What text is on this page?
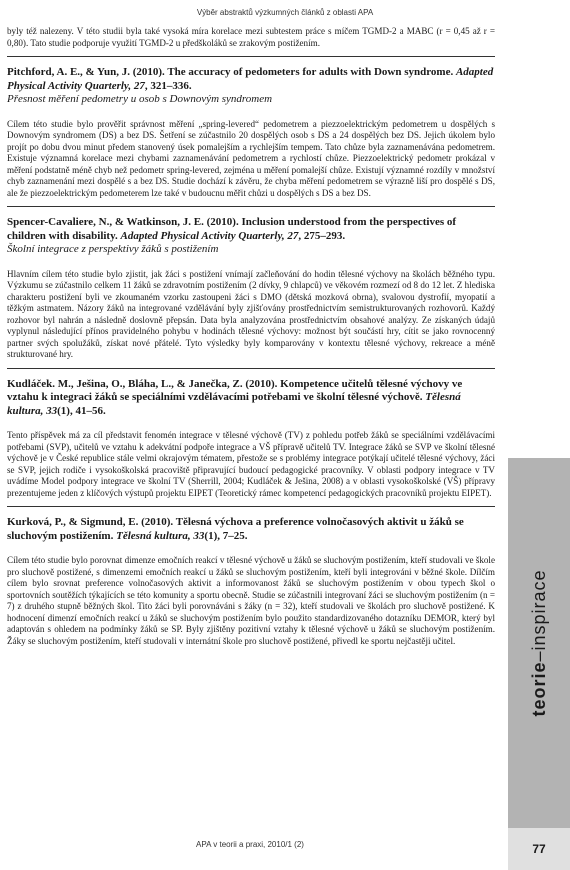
Výběr abstraktů výzkumných článků z oblasti APA

byly též nalezeny. V této studii byla také vysoká míra korelace mezi subtestem práce s míčem TGMD-2 a MABC (r = 0,45 až r = 0,80). Tato studie podporuje využití TGMD-2 u předškoláků se zrakovým postižením.

Pitchford, A. E., & Yun, J. (2010). The accuracy of pedometers for adults with Down syndrome. Adapted Physical Activity Quarterly, 27, 321–336.

Přesnost měření pedometry u osob s Downovým syndromem

Cílem této studie bylo prověřit správnost měření „spring-levered“ pedometrem a piezzoelektrickým pedometrem u dospělých s Downovým syndromem (DS) a bez DS. Šetření se zúčastnilo 20 dospělých osob s DS a 24 dospělých bez DS. Jejich úkolem bylo projít po dobu dvou minut předem stanovený úsek pomalejším a rychlejším tempem. Tato chůze byla zaznamenávána pedometrem. Existuje významná korelace mezi chybami zaznamenávání pedometrem a rychlostí chůze. Piezzoelektrický pedometr prokázal v měření podstatně méně chyb než pedometr spring-levered, zejména u měření pomalejší chůze. Existují významné rozdíly v množství chyb zaznamenání mezi dospělé s a bez DS. Studie dochází k závěru, že chyba měření pedometrem se výrazně liší pro dospělé s DS, ale že piezzoelektrickým pedometerem lze také v budoucnu měřit chůzi u dospělých s DS a bez DS.

Spencer-Cavaliere, N., & Watkinson, J. E. (2010). Inclusion understood from the perspectives of children with disability. Adapted Physical Activity Quarterly, 27, 275–293.

Školní integrace z perspektivy žáků s postižením

Hlavním cílem této studie bylo zjistit, jak žáci s postižení vnímají začleňování do hodin tělesné výchovy na školách běžného typu. Výzkumu se zúčastnilo celkem 11 žáků se zdravotním postižením (2 dívky, 9 chlapců) ve věkovém rozmezí od 8 do 12 let. Z hlediska charakteru postižení byli ve zkoumaném vzorku zastoupeni žáci s DMO (dětská mozková obrna), svalovou dystrofií, myopatií a těžkým astmatem. Názory žáků na integrované vzdělávání byly zjišťovány prostřednictvím semistrukturovaných rozhovorů. Každý rozhovor byl nahrán a následně doslovně přepsán. Data byla analyzována prostřednictvím obsahové analýzy. Ze získaných údajů vyplynul následující přínos pravidelného pohybu v hodinách tělesné výchovy: možnost být součástí hry, cítit se jako rovnocenný partner svých spolužáků, získat nové přátelé. Tyto výsledky byly komparovány v kontextu tělesné výchovy, rekreace a méně strukturované hry.

Kudláček. M., Ješina, O., Bláha, L., & Janečka, Z. (2010). Kompetence učitelů tělesné výchovy ve vztahu k integraci žáků se speciálními vzdělávacími potřebami ve školní tělesné výchově. Tělesná kultura, 33(1), 41–56.

Tento příspěvek má za cíl představit fenomén integrace v tělesné výchově (TV) z pohledu potřeb žáků se speciálními vzdělávacími potřebami (SVP), učitelů ve vztahu k adekvátní podpoře integrace a VŠ přípravě učitelů TV. Integrace žáků se SVP ve školní tělesné výchově je v České republice stále velmi okrajovým tématem, přestože se s problémy integrace potýkají učitelé tělesné výchovy, žáci se SVP, jejich rodiče i vysokoškolská pracoviště připravující budoucí pedagogické pracovníky. V oblasti podpory integrace v TV uvádíme Model podpory integrace ve školní TV (Sherrill, 2004; Kudláček & Ješina, 2008) a v oblasti vysokoškolské (VŠ) přípravy prezentujeme jeden z klíčových výstupů projektu EIPET (Teoretický rámec kompetencí pedagogických pracovníků projektu EIPET).

Kurková, P., & Sigmund, E. (2010). Tělesná výchova a preference volnočasových aktivit u žáků se sluchovým postižením. Tělesná kultura, 33(1), 7–25.

Cílem této studie bylo porovnat dimenze emočních reakcí v tělesné výchově u žáků se sluchovým postižením, kteří studovali ve škole pro sluchově postižené, s dimenzemi emočních reakcí u žáků se sluchovým postižením, kteří byli integrováni v běžné škole. Dílčím cílem bylo srovnat preference volnočasových aktivit a informovanost žáků se sluchovým postižením v obou typech škol o sportovních soutěžích týkajících se této komunity a sportu obecně. Studie se zúčastnili integrovaní žáci se sluchovým postižením (n = 7) z druhého stupně běžných škol. Tito žáci byli porovnáváni s žáky (n = 32), kteří studovali ve školách pro sluchově postižené. K hodnocení dimenzí emočních reakcí u žáků se sluchovým postižením bylo použito standardizovaného dotazníku DEMOR, který byl adaptován s ohledem na podmínky žáků se SP. Byly zjištěny pozitivní vztahy k tělesné výchově u žáků se sluchovým postižením. Žáky se sluchovým postižením, kteří studovali v internátní škole pro sluchově postižené, přivedl ke sportu nejčastěji učitel.

teorie
–
inspirace
77
APA v teorii a praxi, 2010/1 (2)
